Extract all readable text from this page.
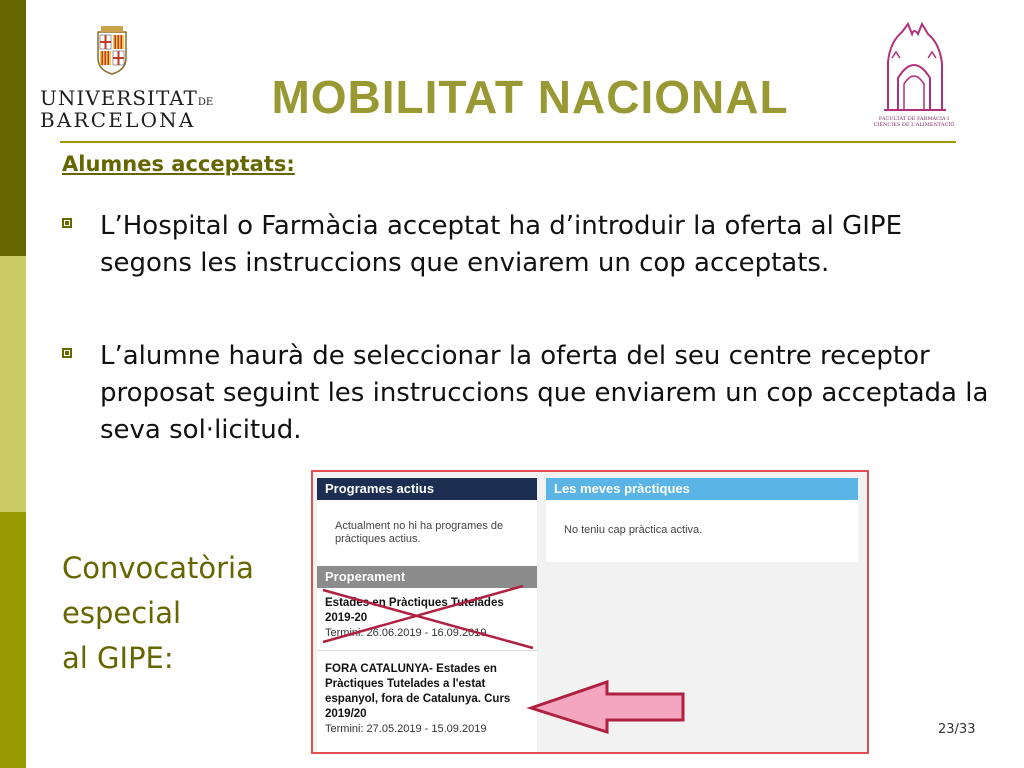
UNIVERSITATDE
BARCELONA	FACULTAT DE FARMÀCIA I
CIÈNCIES DE L'ALIMENTACIÓ
MOBILITAT NACIONAL
Alumnes acceptats:
L’Hospital o Farmàcia acceptat ha d’introduir la oferta al GIPE segons les instruccions que enviarem un cop acceptats.
L’alumne haurà de seleccionar la oferta del seu centre receptor proposat seguint les instruccions que enviarem un cop acceptada la seva sol·licitud.
Convocatòria
especial
al GIPE:
Programes actius
Actualment no hi ha programes de pràctiques actius.
Properament
Estades en Pràctiques Tutelades 2019-20
Termini: 26.06.2019 - 16.09.2019
FORA CATALUNYA- Estades en Pràctiques Tutelades a l'estat espanyol, fora de Catalunya. Curs 2019/20
Termini: 27.05.2019 - 15.09.2019
Les meves pràctiques
No teniu cap pràctica activa.
23/33
